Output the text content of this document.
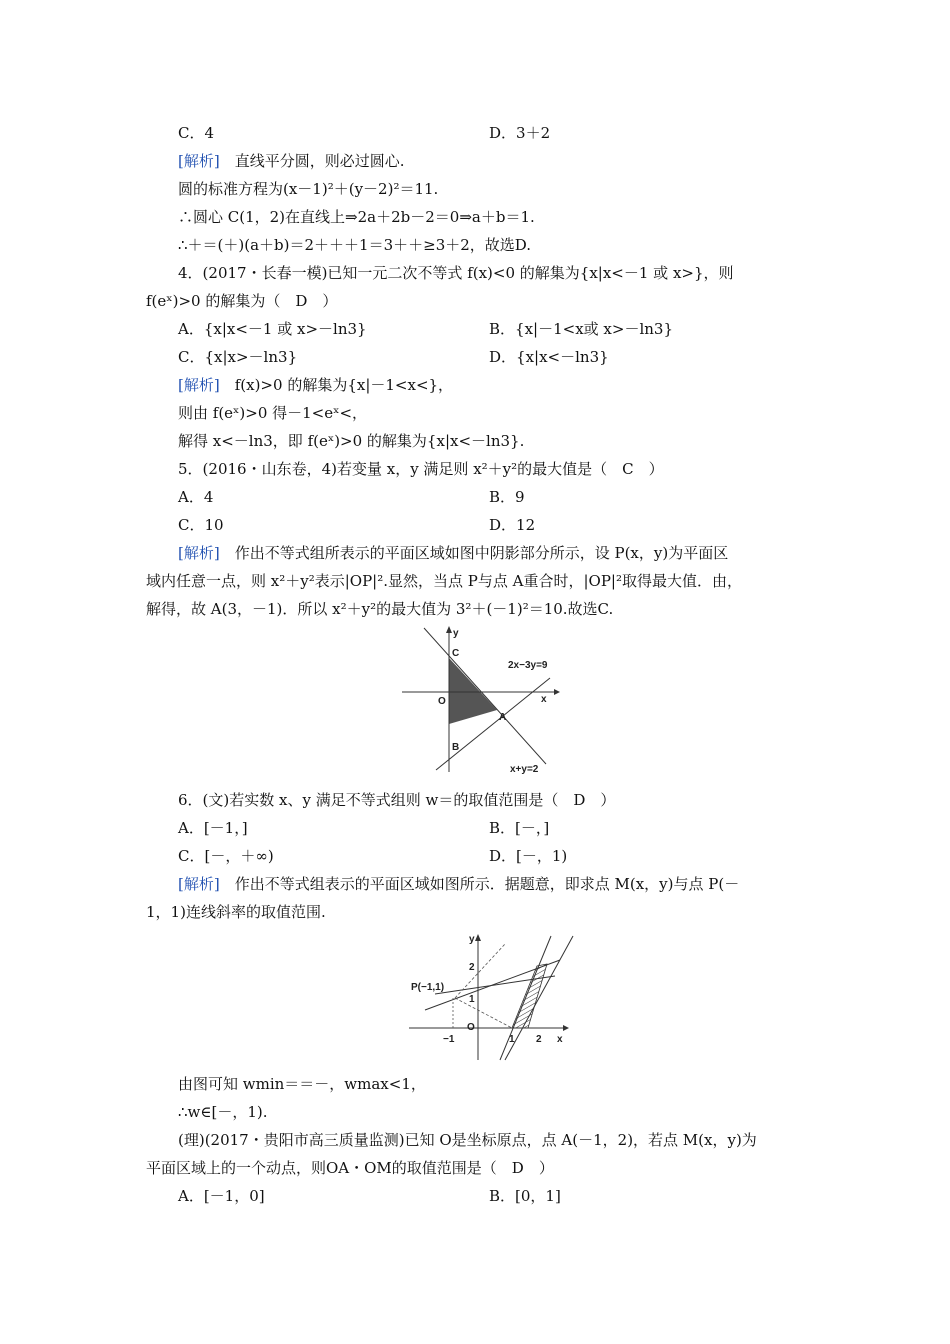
C．4	D．3＋2
[解析]　直线平分圆，则必过圆心.
圆的标准方程为(x－1)²＋(y－2)²＝11.
∴圆心 C(1，2)在直线上⇒2a＋2b－2＝0⇒a＋b＝1.
∴＋＝(＋)(a＋b)＝2＋＋＋1＝3＋＋≥3＋2，故选D.
4．(2017・长春一模)已知一元二次不等式 f(x)<0 的解集为{x|x<－1 或 x>}，则
f(eˣ)>0 的解集为（　D　）
A．{x|x<－1 或 x>－ln3}	B．{x|－1<x或 x>－ln3}
C．{x|x>－ln3}	D．{x|x<－ln3}
[解析]　f(x)>0 的解集为{x|－1<x<}，
则由 f(eˣ)>0 得－1<eˣ<，
解得 x<－ln3，即 f(eˣ)>0 的解集为{x|x<－ln3}.
5．(2016・山东卷，4)若变量 x，y 满足则 x²＋y²的最大值是（　C　）
A．4	B．9
C．10	D．12
[解析]　作出不等式组所表示的平面区域如图中阴影部分所示，设 P(x，y)为平面区
域内任意一点，则 x²＋y²表示|OP|².显然，当点 P与点 A重合时，|OP|²取得最大值．由，
解得，故 A(3，－1)．所以 x²＋y²的最大值为 3²＋(－1)²＝10.故选C.
y
x
C
O
A
B
2x−3y=9
x+y=2
6．(文)若实数 x、y 满足不等式组则 w＝的取值范围是（　D　）
A．[－1，]	B．[－，]
C．[－，＋∞)	D．[－，1)
[解析]　作出不等式组表示的平面区域如图所示．据题意，即求点 M(x，y)与点 P(－
1，1)连线斜率的取值范围.
y
x
P(−1,1)
2
1
−1
O
1 2
由图可知 wmin＝＝－，wmax<1，
∴w∈[－，1).
(理)(2017・贵阳市高三质量监测)已知 O是坐标原点，点 A(－1，2)，若点 M(x，y)为
平面区域上的一个动点，则OA・OM的取值范围是（　D　）
A．[－1，0]	B．[0，1]
